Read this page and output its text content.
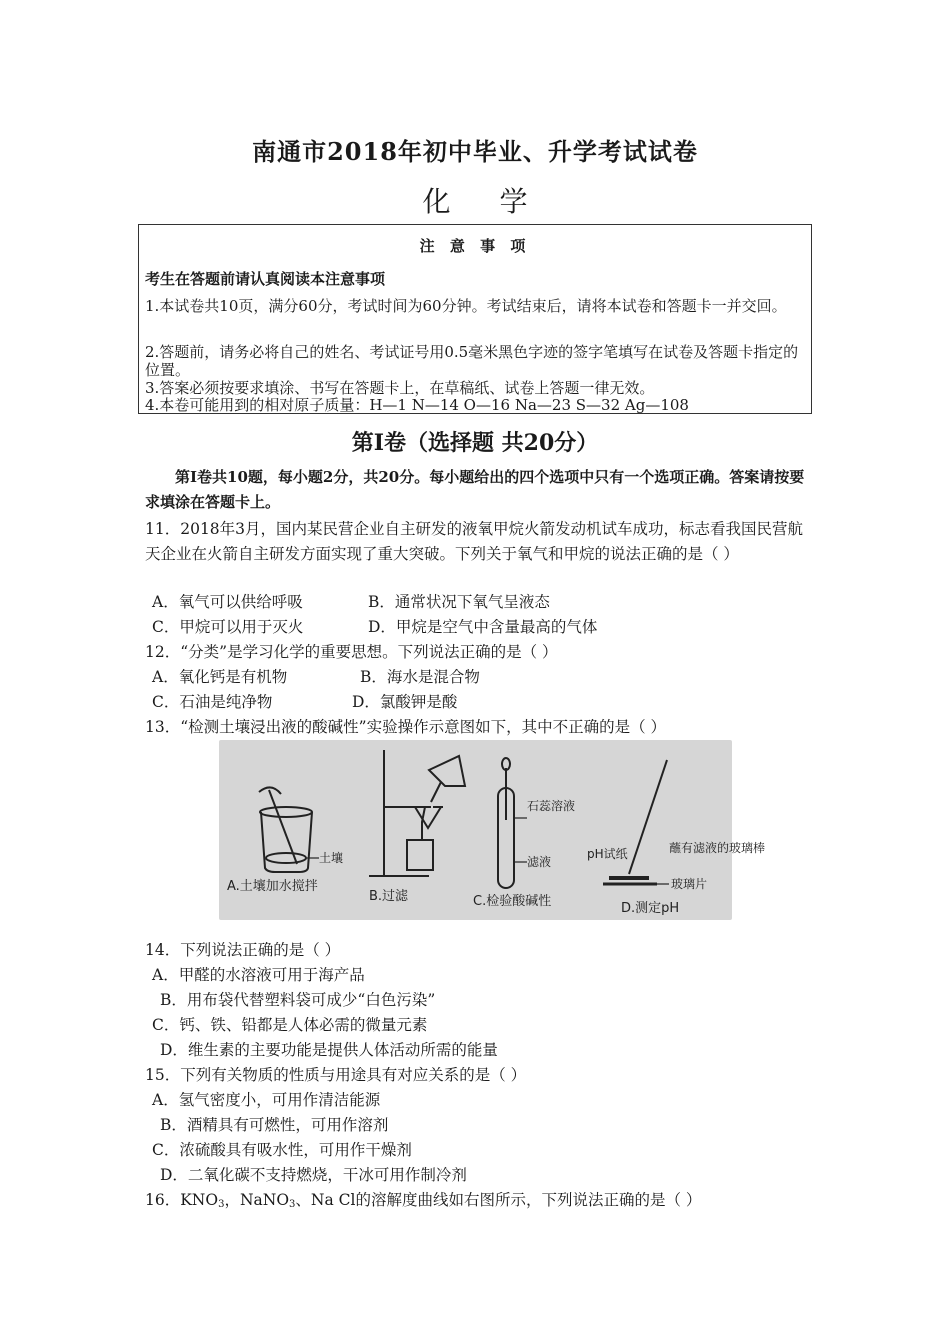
南通市2018年初中毕业、升学考试试卷
化 学
注 意 事 项
考生在答题前请认真阅读本注意事项
1.本试卷共10页，满分60分，考试时间为60分钟。考试结束后，请将本试卷和答题卡一并交回。
2.答题前，请务必将自己的姓名、考试证号用0.5毫米黑色字迹的签字笔填写在试卷及答题卡指定的位置。
3.答案必须按要求填涂、书写在答题卡上，在草稿纸、试卷上答题一律无效。
4.本卷可能用到的相对原子质量：H—1 N—14 O—16 Na—23 S—32 Ag—108
第Ⅰ卷（选择题 共20分）
第Ⅰ卷共10题，每小题2分，共20分。每小题给出的四个选项中只有一个选项正确。答案请按要求填涂在答题卡上。
11．2018年3月，国内某民营企业自主研发的液氧甲烷火箭发动机试车成功，标志看我国民营航天企业在火箭自主研发方面实现了重大突破。下列关于氧气和甲烷的说法正确的是（ ）
A．氧气可以供给呼吸	B．通常状况下氧气呈液态
C．甲烷可以用于灭火	D．甲烷是空气中含量最高的气体
12．“分类”是学习化学的重要思想。下列说法正确的是（ ）
A．氧化钙是有机物	B．海水是混合物
C．石油是纯净物	D．氯酸钾是酸
13．“检测土壤浸出液的酸碱性”实验操作示意图如下，其中不正确的是（ ）
A.土壤加水搅拌
B.过滤	C.检验酸碱性	D.测定pH
土壤
石蕊溶液
滤液
pH试纸	蘸有滤液的玻璃棒
玻璃片
14．下列说法正确的是（ ）
A．甲醛的水溶液可用于海产品
B．用布袋代替塑料袋可成少“白色污染”
C．钙、铁、铅都是人体必需的微量元素
D．维生素的主要功能是提供人体活动所需的能量
15．下列有关物质的性质与用途具有对应关系的是（ ）
A．氢气密度小，可用作清洁能源
B．酒精具有可燃性，可用作溶剂
C．浓硫酸具有吸水性，可用作干燥剂
D．二氧化碳不支持燃烧，干冰可用作制冷剂
16．$KNO_3$，NaNO$_3$、Na Cl的溶解度曲线如右图所示，下列说法正确的是（ ）
